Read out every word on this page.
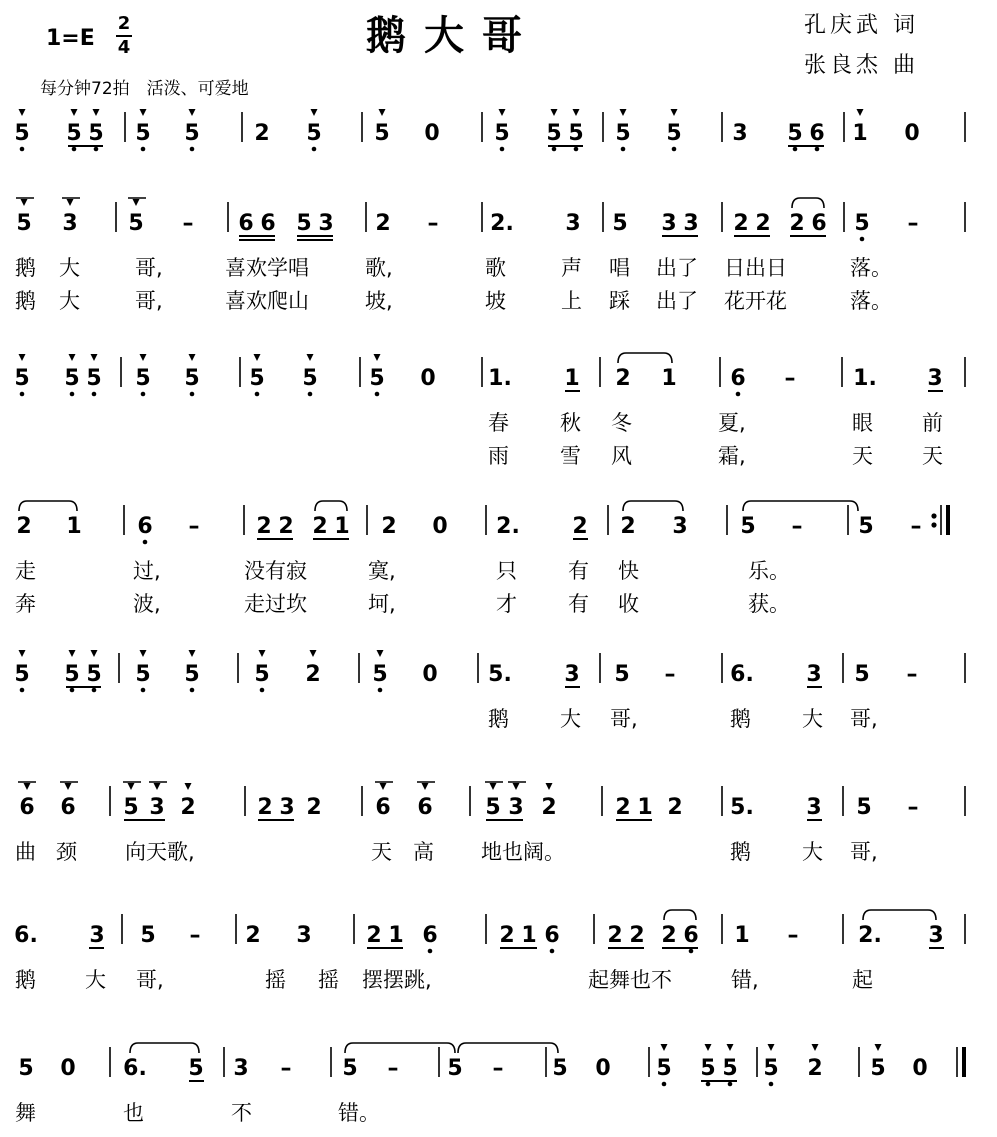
鹅大哥
1=E
2
4
每分钟72拍　活泼、可爱地
孔庆武 词
张良杰 曲
5 5 5 5 5 2 5 5 0 5 5 5 5 5 3 5 6 1 0
5 3 5 – 6 6 5 3 2 – 2. 3 5 3 3 2 2 2 6 5 –
鹅 大	哥,	喜欢学唱	歌,	歌	声 唱 出了 日出日	落。
鹅 大	哥,	喜欢爬山	坡,	坡	上 踩 出了 花开花	落。
5 5 5 5 5 5 5 5 0 1. 1 2 1 6 –	1. 3
春 秋 冬	夏,	眼 前
雨 雪 风	霜,	天 天
2 1	6 –	2 2 2 1 2 0 2. 2 2 3 5 –	5 –
走	过,	没有寂	寞,	只 有 快	乐。
奔	波,	走过坎	坷,	才 有 收	获。
5 5 5 5 5 5 2 5 0 5. 3 5 – 6. 3 5 –
鹅 大 哥,	鹅 大 哥,
6 6 5 3 2	2 3 2 6 6 5 3 2	2 1 2 5. 3 5 –
曲 颈 向天歌,	天 高 地也阔。	鹅 大 哥,
6. 3 5 – 2 3 2 1 6	2 1 6 2 2 2 6 1 –	2. 3
鹅 大 哥,	摇 摇 摆摆跳,	起舞也不	错,	起
5 0 6. 5 3 – 5 – 5 – 5 0 5 5 5 5 2 5 0
舞	也	不	错。
